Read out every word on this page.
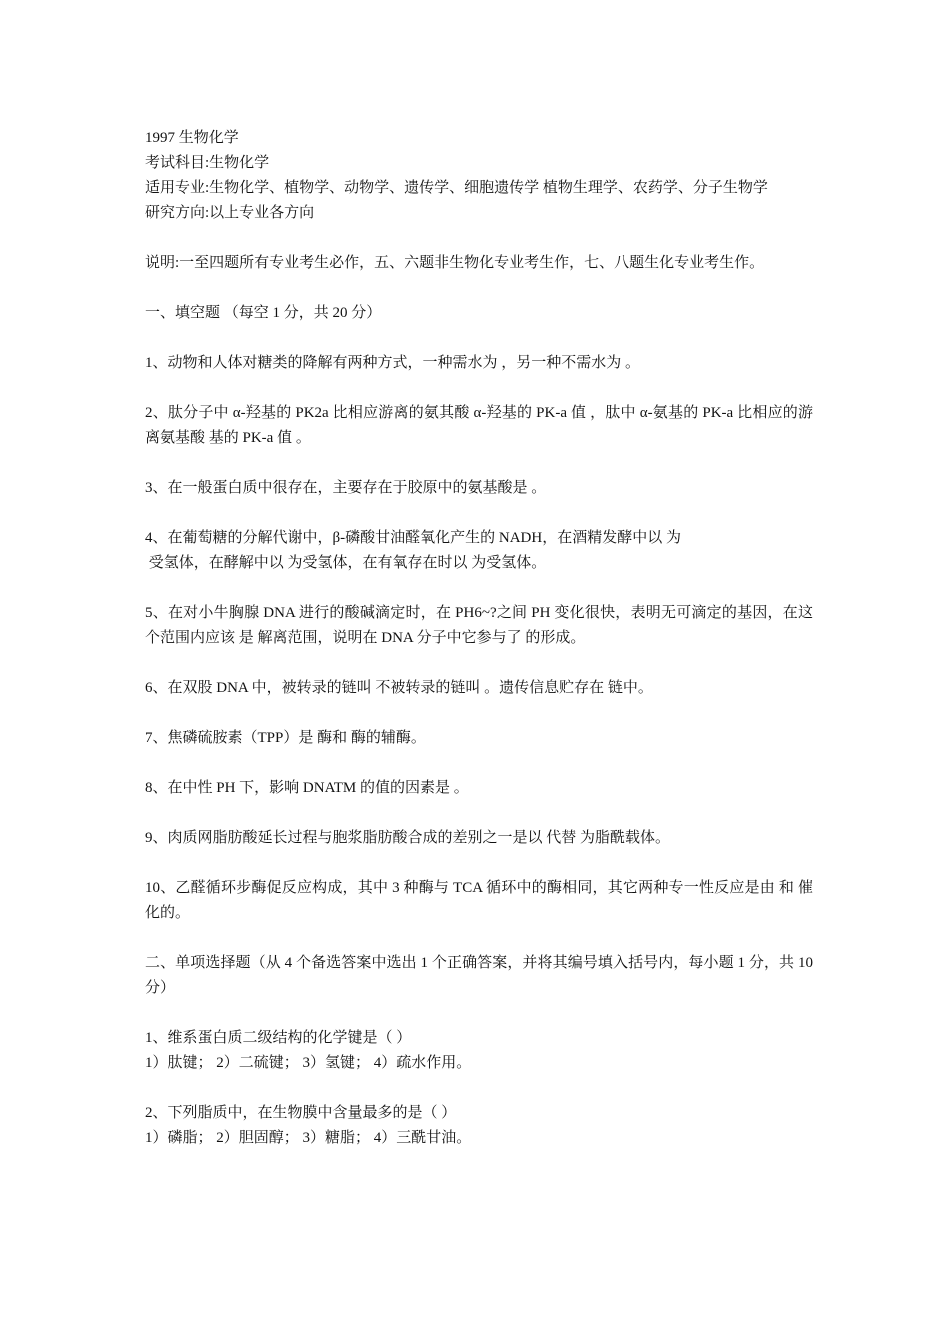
1997 生物化学
考试科目:生物化学
适用专业:生物化学、植物学、动物学、遗传学、细胞遗传学 植物生理学、农药学、分子生物学
研究方向:以上专业各方向

说明:一至四题所有专业考生必作，五、六题非生物化专业考生作，七、八题生化专业考生作。

一、填空题 （每空 1 分，共 20 分）

1、动物和人体对糖类的降解有两种方式，一种需水为 ，另一种不需水为 。

2、肽分子中 α-羟基的 PK2a 比相应游离的氨其酸 α-羟基的 PK-a 值 ，肽中 α-氨基的 PK-a 比相应的游离氨基酸 基的 PK-a 值 。

3、在一般蛋白质中很存在，主要存在于胶原中的氨基酸是 。

4、在葡萄糖的分解代谢中，β-磷酸甘油醛氧化产生的 NADH，在酒精发酵中以 为
受氢体，在酵解中以 为受氢体，在有氧存在时以 为受氢体。

5、在对小牛胸腺 DNA 进行的酸碱滴定时，在 PH6~?之间 PH 变化很快，表明无可滴定的基因，在这个范围内应该 是 解离范围，说明在 DNA 分子中它参与了 的形成。

6、在双股 DNA 中，被转录的链叫 不被转录的链叫 。遗传信息贮存在 链中。

7、焦磷硫胺素（TPP）是 酶和 酶的辅酶。

8、在中性 PH 下，影响 DNATM 的值的因素是 。

9、肉质网脂肪酸延长过程与胞浆脂肪酸合成的差别之一是以 代替 为脂酰载体。

10、乙醛循环步酶促反应构成，其中 3 种酶与 TCA 循环中的酶相同，其它两种专一性反应是由 和 催化的。

二、单项选择题（从 4 个备选答案中选出 1 个正确答案，并将其编号填入括号内，每小题 1 分，共 10 分）

1、维系蛋白质二级结构的化学键是（ ）
1）肽键； 2）二硫键； 3）氢键； 4）疏水作用。

2、下列脂质中，在生物膜中含量最多的是（ ）
1）磷脂； 2）胆固醇； 3）糖脂； 4）三酰甘油。
